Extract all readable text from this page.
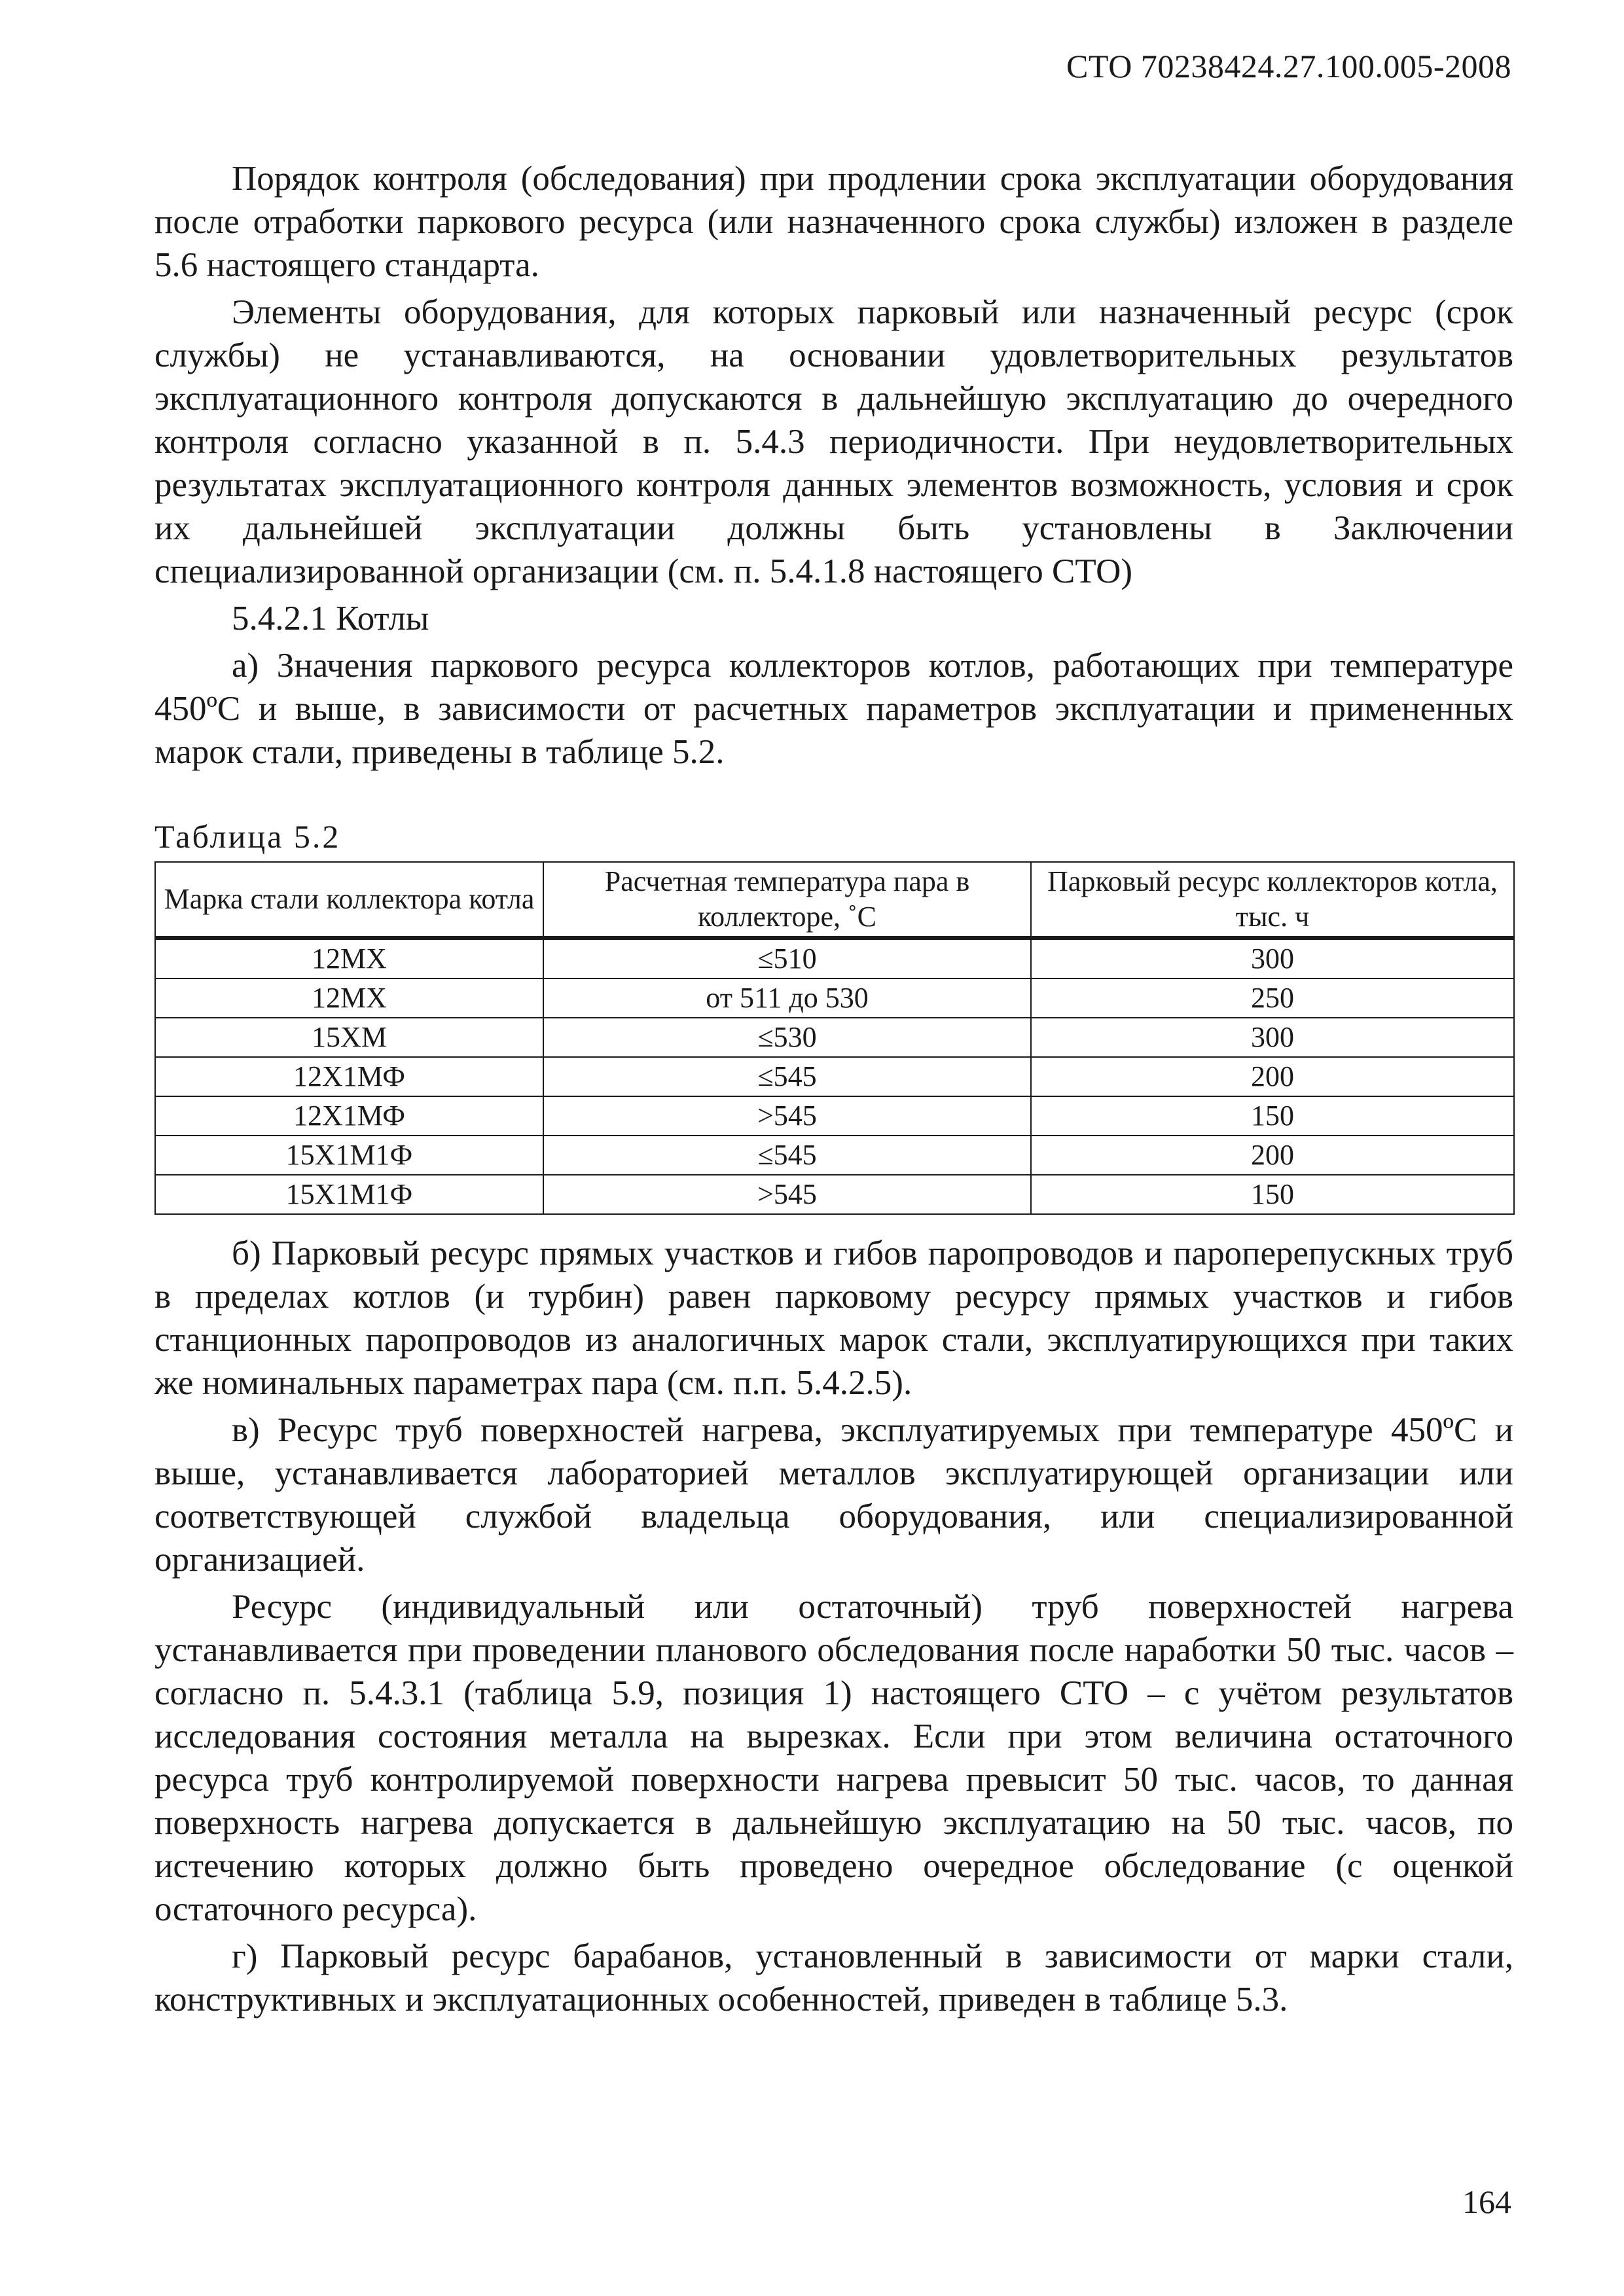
СТО 70238424.27.100.005-2008

Порядок контроля (обследования) при продлении срока эксплуатации оборудования после отработки паркового ресурса (или назначенного срока службы) изложен в разделе 5.6 настоящего стандарта.

Элементы оборудования, для которых парковый или назначенный ресурс (срок службы) не устанавливаются, на основании удовлетворительных результатов эксплуатационного контроля допускаются в дальнейшую эксплуатацию до очередного контроля согласно указанной в п. 5.4.3 периодичности. При неудовлетворительных результатах эксплуатационного контроля данных элементов возможность, условия и срок их дальнейшей эксплуатации должны быть установлены в Заключении специализированной организации (см. п. 5.4.1.8 настоящего СТО)

5.4.2.1 Котлы

а) Значения паркового ресурса коллекторов котлов, работающих при температуре 450ºС и выше, в зависимости от расчетных параметров эксплуатации и примененных марок стали, приведены в таблице 5.2.

Таблица 5.2
Марка стали коллектора котла	Расчетная температура пара в коллекторе, ˚С	Парковый ресурс коллекторов котла, тыс. ч
12МХ	≤510	300
12МХ	от 511 до 530	250
15ХМ	≤530	300
12Х1МФ	≤545	200
12Х1МФ	>545	150
15Х1М1Ф	≤545	200
15Х1М1Ф	>545	150

б) Парковый ресурс прямых участков и гибов паропроводов и пароперепускных труб в пределах котлов (и турбин) равен парковому ресурсу прямых участков и гибов станционных паропроводов из аналогичных марок стали, эксплуатирующихся при таких же номинальных параметрах пара (см. п.п. 5.4.2.5).

в) Ресурс труб поверхностей нагрева, эксплуатируемых при температуре 450ºС и выше, устанавливается лабораторией металлов эксплуатирующей организации или соответствующей службой владельца оборудования, или специализированной организацией.

Ресурс (индивидуальный или остаточный) труб поверхностей нагрева устанавливается при проведении планового обследования после наработки 50 тыс. часов – согласно п. 5.4.3.1 (таблица 5.9, позиция 1) настоящего СТО – с учётом результатов исследования состояния металла на вырезках. Если при этом величина остаточного ресурса труб контролируемой поверхности нагрева превысит 50 тыс. часов, то данная поверхность нагрева допускается в дальнейшую эксплуатацию на 50 тыс. часов, по истечению которых должно быть проведено очередное обследование (с оценкой остаточного ресурса).

г) Парковый ресурс барабанов, установленный в зависимости от марки стали, конструктивных и эксплуатационных особенностей, приведен в таблице 5.3.

164
